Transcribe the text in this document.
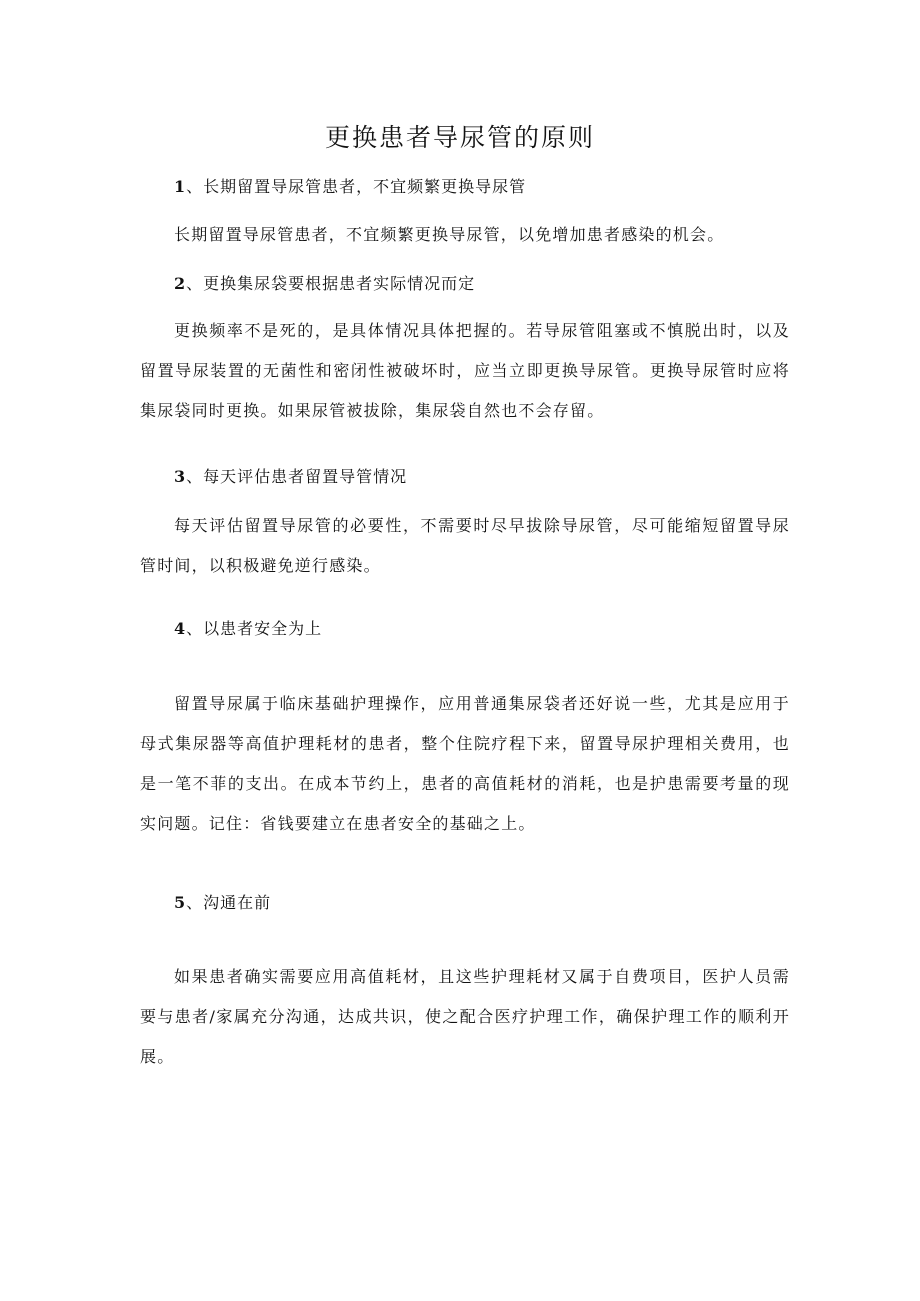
更换患者导尿管的原则
1、长期留置导尿管患者，不宜频繁更换导尿管

长期留置导尿管患者，不宜频繁更换导尿管，以免增加患者感染的机会。

2、更换集尿袋要根据患者实际情况而定

更换频率不是死的，是具体情况具体把握的。若导尿管阻塞或不慎脱出时，以及留置导尿装置的无菌性和密闭性被破坏时，应当立即更换导尿管。更换导尿管时应将集尿袋同时更换。如果尿管被拔除，集尿袋自然也不会存留。

3、每天评估患者留置导管情况

每天评估留置导尿管的必要性，不需要时尽早拔除导尿管，尽可能缩短留置导尿管时间，以积极避免逆行感染。

4、以患者安全为上

留置导尿属于临床基础护理操作，应用普通集尿袋者还好说一些，尤其是应用于母式集尿器等高值护理耗材的患者，整个住院疗程下来，留置导尿护理相关费用，也是一笔不菲的支出。在成本节约上，患者的高值耗材的消耗，也是护患需要考量的现实问题。记住：省钱要建立在患者安全的基础之上。

5、沟通在前

如果患者确实需要应用高值耗材，且这些护理耗材又属于自费项目，医护人员需要与患者/家属充分沟通，达成共识，使之配合医疗护理工作，确保护理工作的顺利开展。
